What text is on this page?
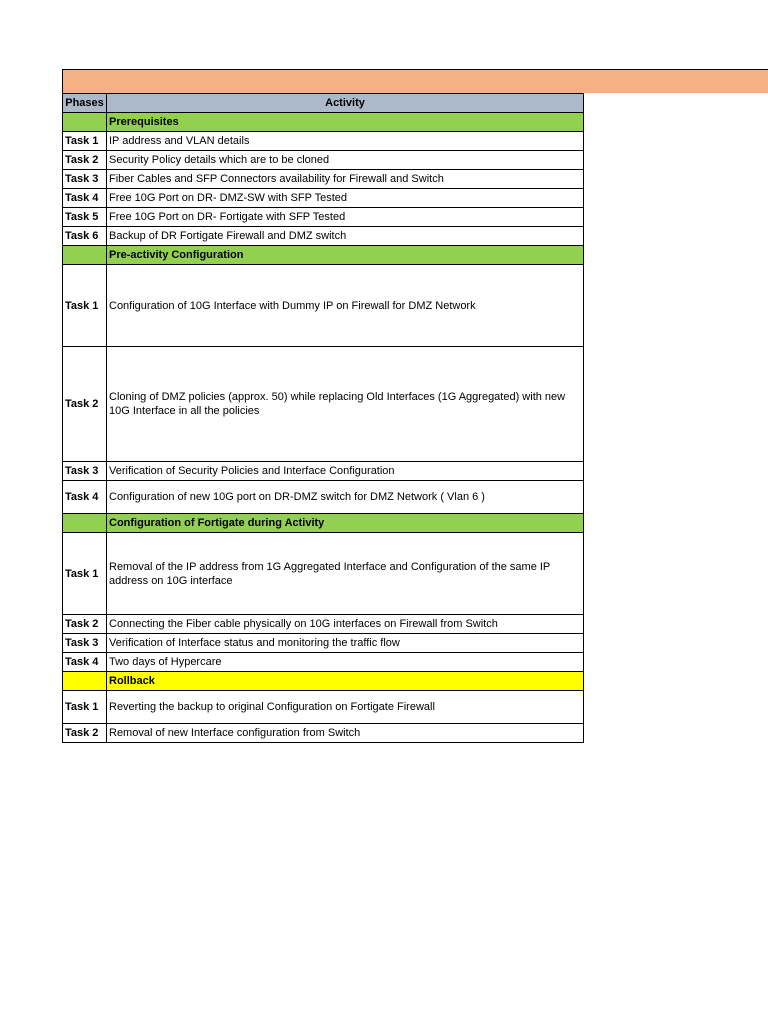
Phases	Activity
	Prerequisites
Task 1	IP address and VLAN details
Task 2	Security Policy details which are to be cloned
Task 3	Fiber Cables and SFP Connectors availability for Firewall and Switch
Task 4	Free 10G Port on DR- DMZ-SW with SFP Tested
Task 5	Free 10G Port on DR- Fortigate with SFP Tested
Task 6	Backup of DR Fortigate Firewall and DMZ switch
	Pre-activity Configuration
Task 1	Configuration of 10G Interface with Dummy IP on Firewall for DMZ Network
Task 2	Cloning of DMZ policies (approx. 50) while replacing Old Interfaces (1G Aggregated) with new 10G Interface in all the policies
Task 3	Verification of Security Policies and Interface Configuration
Task 4	Configuration of new 10G port on DR-DMZ switch for DMZ Network ( Vlan 6 )
	Configuration of Fortigate during Activity
Task 1	Removal of the IP address from 1G Aggregated Interface and Configuration of the same IP address on 10G interface
Task 2	Connecting the Fiber cable physically on 10G interfaces on Firewall from Switch
Task 3	Verification of Interface status and monitoring the traffic flow
Task 4	Two days of Hypercare
	Rollback
Task 1	Reverting the backup to original Configuration on Fortigate Firewall
Task 2	Removal of new Interface configuration from Switch
